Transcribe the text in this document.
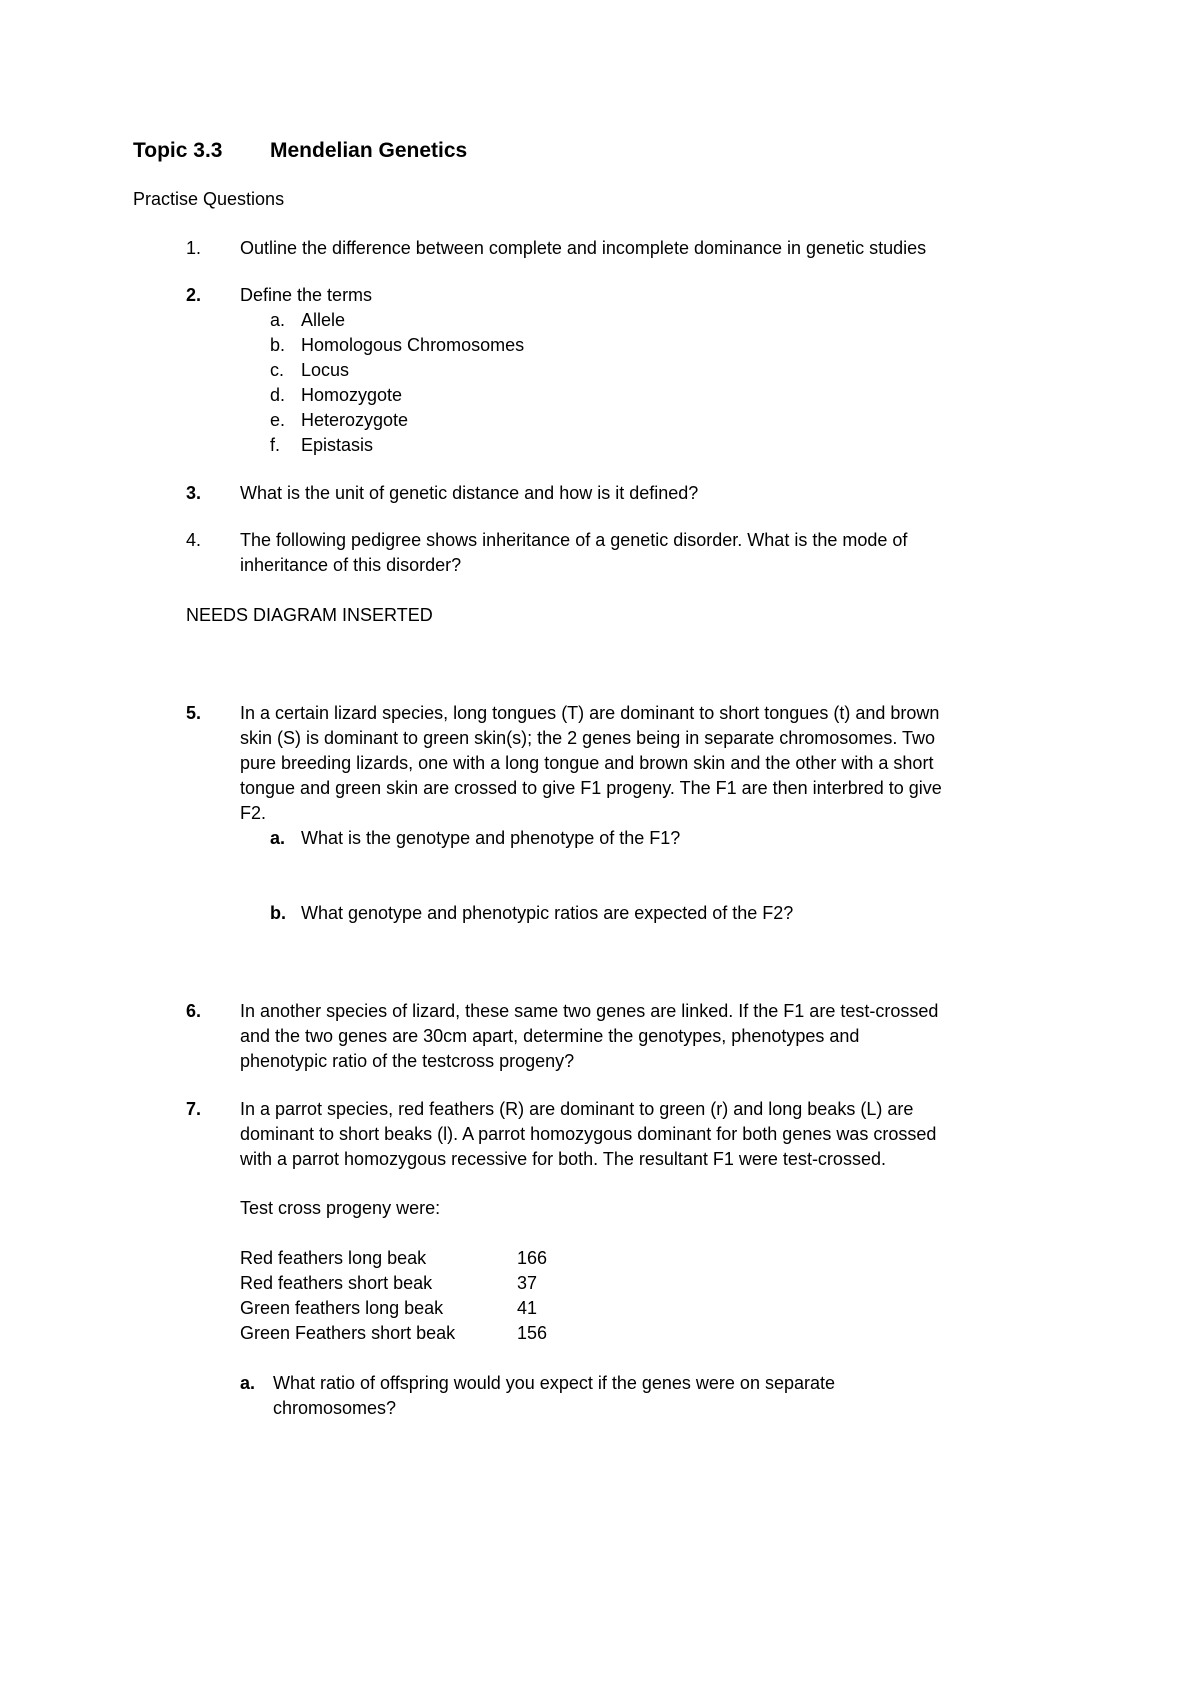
Topic 3.3 Mendelian Genetics
Practise Questions
1. Outline the difference between complete and incomplete dominance in genetic studies
2. Define the terms
a. Allele
b. Homologous Chromosomes
c. Locus
d. Homozygote
e. Heterozygote
f. Epistasis
3. What is the unit of genetic distance and how is it defined?
4. The following pedigree shows inheritance of a genetic disorder. What is the mode of
inheritance of this disorder?
NEEDS DIAGRAM INSERTED
5. In a certain lizard species, long tongues (T) are dominant to short tongues (t) and brown
skin (S) is dominant to green skin(s); the 2 genes being in separate chromosomes. Two
pure breeding lizards, one with a long tongue and brown skin and the other with a short
tongue and green skin are crossed to give F1 progeny. The F1 are then interbred to give
F2.
a. What is the genotype and phenotype of the F1?
b. What genotype and phenotypic ratios are expected of the F2?
6. In another species of lizard, these same two genes are linked. If the F1 are test-crossed
and the two genes are 30cm apart, determine the genotypes, phenotypes and
phenotypic ratio of the testcross progeny?
7. In a parrot species, red feathers (R) are dominant to green (r) and long beaks (L) are
dominant to short beaks (l). A parrot homozygous dominant for both genes was crossed
with a parrot homozygous recessive for both. The resultant F1 were test-crossed.
Test cross progeny were:
Red feathers long beak	166
Red feathers short beak	37
Green feathers long beak	41
Green Feathers short beak	156
a. What ratio of offspring would you expect if the genes were on separate
chromosomes?
